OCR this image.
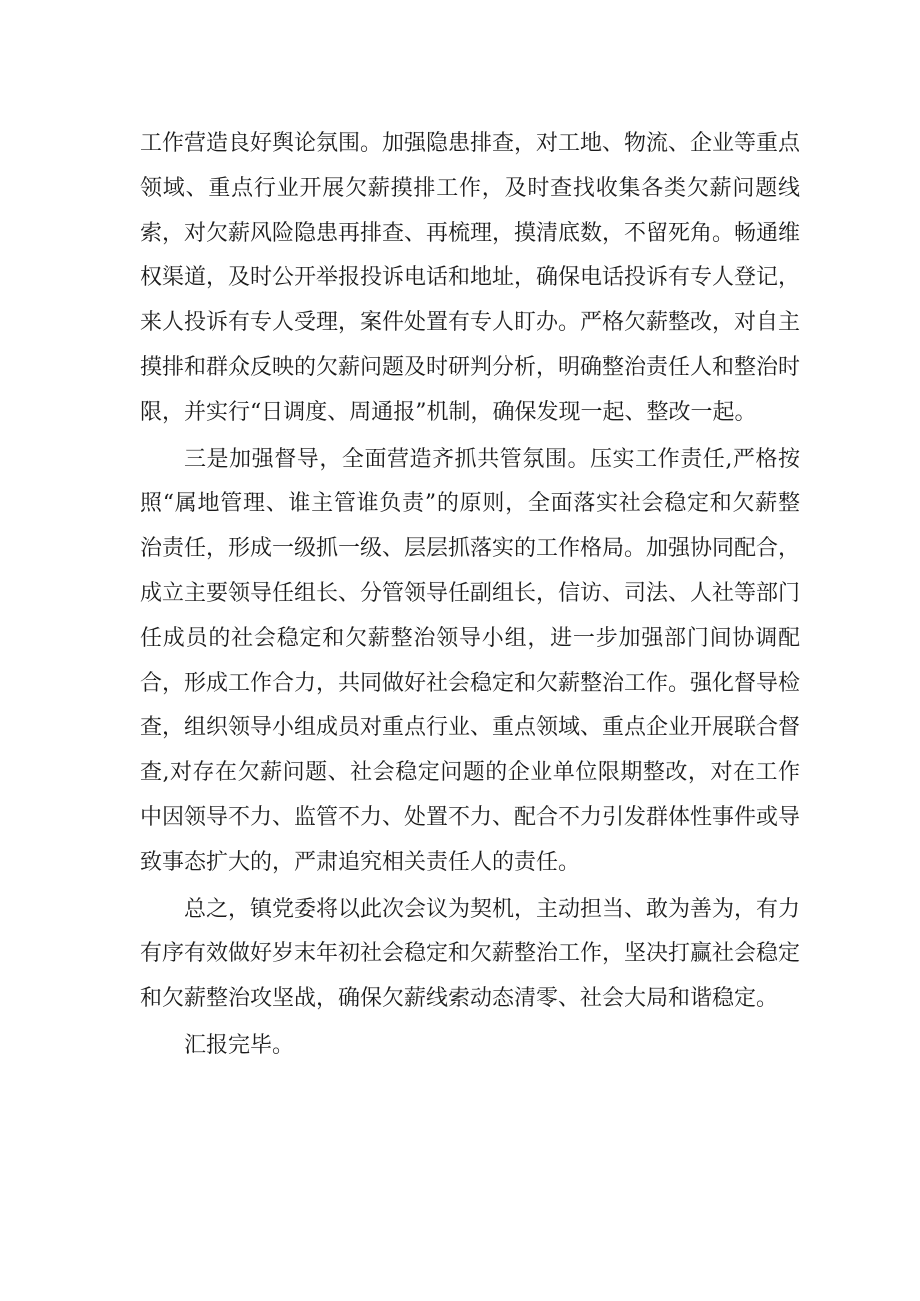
工作营造良好舆论氛围。加强隐患排查，对工地、物流、企业等重点领域、重点行业开展欠薪摸排工作，及时查找收集各类欠薪问题线索，对欠薪风险隐患再排查、再梳理，摸清底数，不留死角。畅通维权渠道，及时公开举报投诉电话和地址，确保电话投诉有专人登记，来人投诉有专人受理，案件处置有专人盯办。严格欠薪整改，对自主摸排和群众反映的欠薪问题及时研判分析，明确整治责任人和整治时限，并实行“日调度、周通报”机制，确保发现一起、整改一起。

三是加强督导，全面营造齐抓共管氛围。压实工作责任,严格按照“属地管理、谁主管谁负责”的原则，全面落实社会稳定和欠薪整治责任，形成一级抓一级、层层抓落实的工作格局。加强协同配合，成立主要领导任组长、分管领导任副组长，信访、司法、人社等部门任成员的社会稳定和欠薪整治领导小组，进一步加强部门间协调配合，形成工作合力，共同做好社会稳定和欠薪整治工作。强化督导检查，组织领导小组成员对重点行业、重点领域、重点企业开展联合督查,对存在欠薪问题、社会稳定问题的企业单位限期整改，对在工作中因领导不力、监管不力、处置不力、配合不力引发群体性事件或导致事态扩大的，严肃追究相关责任人的责任。

总之，镇党委将以此次会议为契机，主动担当、敢为善为，有力有序有效做好岁末年初社会稳定和欠薪整治工作，坚决打赢社会稳定和欠薪整治攻坚战，确保欠薪线索动态清零、社会大局和谐稳定。

汇报完毕。
